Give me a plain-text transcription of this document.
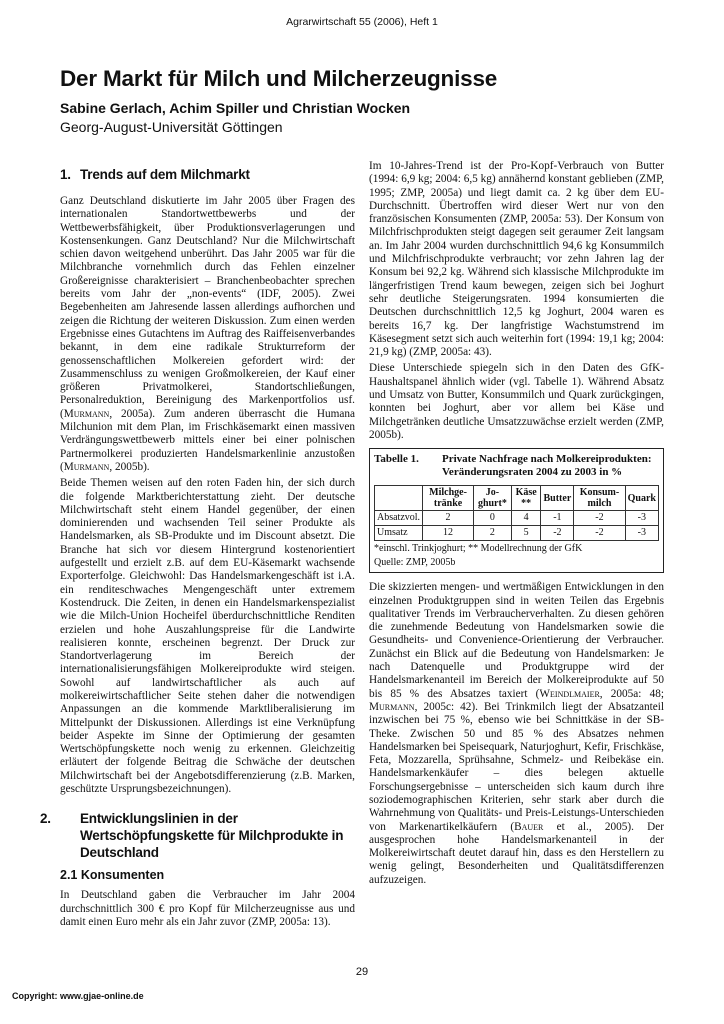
Agrarwirtschaft 55 (2006), Heft 1
Der Markt für Milch und Milcherzeugnisse
Sabine Gerlach, Achim Spiller und Christian Wocken
Georg-August-Universität Göttingen
1. Trends auf dem Milchmarkt

Ganz Deutschland diskutierte im Jahr 2005 über Fragen des internationalen Standortwettbewerbs und der Wettbewerbsfähigkeit, über Produktionsverlagerungen und Kostensenkungen. Ganz Deutschland? Nur die Milchwirtschaft schien davon weitgehend unberührt. Das Jahr 2005 war für die Milchbranche vornehmlich durch das Fehlen einzelner Großereignisse charakterisiert – Branchenbeobachter sprechen bereits vom Jahr der „non-events“ (IDF, 2005). Zwei Begebenheiten am Jahresende lassen allerdings aufhorchen und zeigen die Richtung der weiteren Diskussion. Zum einen werden Ergebnisse eines Gutachtens im Auftrag des Raiffeisenverbandes bekannt, in dem eine radikale Strukturreform der genossenschaftlichen Molkereien gefordert wird: der Zusammenschluss zu wenigen Großmolkereien, der Kauf einer größeren Privatmolkerei, Standortschließungen, Personalreduktion, Bereinigung des Markenportfolios usf. (Murmann, 2005a). Zum anderen überrascht die Humana Milchunion mit dem Plan, im Frischkäsemarkt einen massiven Verdrängungswettbewerb mittels einer bei einer polnischen Partnermolkerei produzierten Handelsmarkenlinie anzustoßen (Murmann, 2005b).

Beide Themen weisen auf den roten Faden hin, der sich durch die folgende Marktberichterstattung zieht. Der deutsche Milchwirtschaft steht einem Handel gegenüber, der einen dominierenden und wachsenden Teil seiner Produkte als Handelsmarken, als SB-Produkte und im Discount absetzt. Die Branche hat sich vor diesem Hintergrund kostenorientiert aufgestellt und erzielt z.B. auf dem EU-Käsemarkt wachsende Exporterfolge. Gleichwohl: Das Handelsmarkengeschäft ist i.A. ein renditeschwaches Mengengeschäft unter extremem Kostendruck. Die Zeiten, in denen ein Handelsmarkenspezialist wie die Milch-Union Hocheifel überdurchschnittliche Renditen erzielen und hohe Auszahlungspreise für die Landwirte realisieren konnte, erscheinen begrenzt. Der Druck zur Standortverlagerung im Bereich der internationalisierungsfähigen Molkereiprodukte wird steigen. Sowohl auf landwirtschaftlicher als auch auf molkereiwirtschaftlicher Seite stehen daher die notwendigen Anpassungen an die kommende Marktliberalisierung im Mittelpunkt der Diskussionen. Allerdings ist eine Verknüpfung beider Aspekte im Sinne der Optimierung der gesamten Wertschöpfungskette noch wenig zu erkennen. Gleichzeitig erläutert der folgende Beitrag die Schwäche der deutschen Milchwirtschaft bei der Angebotsdifferenzierung (z.B. Marken, geschützte Ursprungsbezeichnungen).

2. Entwicklungslinien in der Wertschöpfungskette für Milchprodukte in Deutschland
2.1 Konsumenten

In Deutschland gaben die Verbraucher im Jahr 2004 durchschnittlich 300 € pro Kopf für Milcherzeugnisse aus und damit einen Euro mehr als ein Jahr zuvor (ZMP, 2005a: 13).

Im 10-Jahres-Trend ist der Pro-Kopf-Verbrauch von Butter (1994: 6,9 kg; 2004: 6,5 kg) annähernd konstant geblieben (ZMP, 1995; ZMP, 2005a) und liegt damit ca. 2 kg über dem EU-Durchschnitt. Übertroffen wird dieser Wert nur von den französischen Konsumenten (ZMP, 2005a: 53). Der Konsum von Milchfrischprodukten steigt dagegen seit geraumer Zeit langsam an. Im Jahr 2004 wurden durchschnittlich 94,6 kg Konsummilch und Milchfrischprodukte verbraucht; vor zehn Jahren lag der Konsum bei 92,2 kg. Während sich klassische Milchprodukte im längerfristigen Trend kaum bewegen, zeigen sich bei Joghurt sehr deutliche Steigerungsraten. 1994 konsumierten die Deutschen durchschnittlich 12,5 kg Joghurt, 2004 waren es bereits 16,7 kg. Der langfristige Wachstumstrend im Käsesegment setzt sich auch weiterhin fort (1994: 19,1 kg; 2004: 21,9 kg) (ZMP, 2005a: 43).

Diese Unterschiede spiegeln sich in den Daten des GfK-Haushaltspanel ähnlich wider (vgl. Tabelle 1). Während Absatz und Umsatz von Butter, Konsummilch und Quark zurückgingen, konnten bei Joghurt, aber vor allem bei Käse und Milchgetränken deutliche Umsatzzuwächse erzielt werden (ZMP, 2005b).

Tabelle 1.	Private Nachfrage nach Molkereiprodukten: Veränderungsraten 2004 zu 2003 in %
	Milchge-tränke	Jo-ghurt*	Käse **	Butter	Konsum-milch	Quark
Absatzvol.	2	0	4	-1	-2	-3
Umsatz	12	2	5	-2	-2	-3
*einschl. Trinkjoghurt; ** Modellrechnung der GfK
Quelle: ZMP, 2005b

Die skizzierten mengen- und wertmäßigen Entwicklungen in den einzelnen Produktgruppen sind in weiten Teilen das Ergebnis qualitativer Trends im Verbraucherverhalten. Zu diesen gehören die zunehmende Bedeutung von Handelsmarken sowie die Gesundheits- und Convenience-Orientierung der Verbraucher. Zunächst ein Blick auf die Bedeutung von Handelsmarken: Je nach Datenquelle und Produktgruppe wird der Handelsmarkenanteil im Bereich der Molkereiprodukte auf 50 bis 85 % des Absatzes taxiert (Weindlmaier, 2005a: 48; Murmann, 2005c: 42). Bei Trinkmilch liegt der Absatzanteil inzwischen bei 75 %, ebenso wie bei Schnittkäse in der SB-Theke. Zwischen 50 und 85 % des Absatzes nehmen Handelsmarken bei Speisequark, Naturjoghurt, Kefir, Frischkäse, Feta, Mozzarella, Sprühsahne, Schmelz- und Reibekäse ein. Handelsmarkenkäufer – dies belegen aktuelle Forschungsergebnisse – unterscheiden sich kaum durch ihre soziodemographischen Kriterien, sehr stark aber durch die Wahrnehmung von Qualitäts- und Preis-Leistungs-Unterschieden von Markenartikelkäufern (Bauer et al., 2005). Der ausgesprochen hohe Handelsmarkenanteil in der Molkereiwirtschaft deutet darauf hin, dass es den Herstellern zu wenig gelingt, Besonderheiten und Qualitätsdifferenzen aufzuzeigen.

29
Copyright: www.gjae-online.de
